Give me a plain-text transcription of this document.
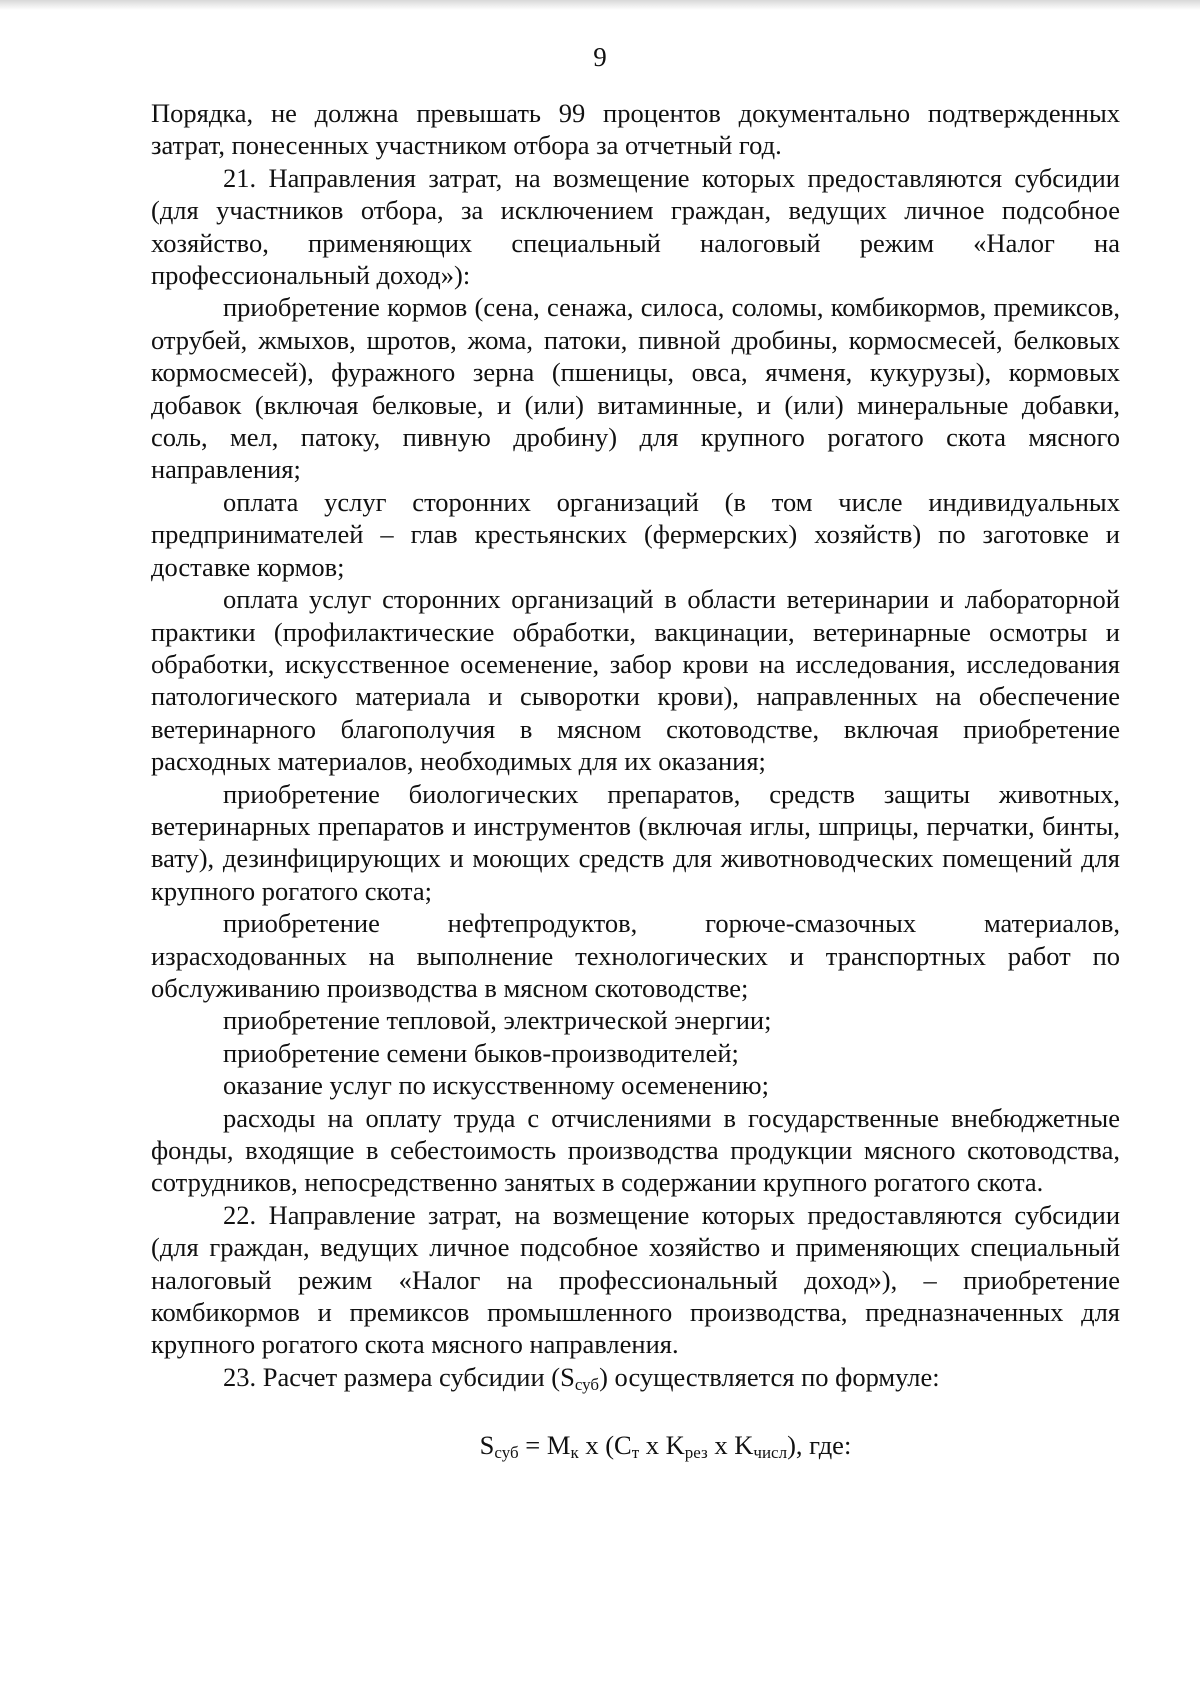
9

Порядка, не должна превышать 99 процентов документально подтвержденных затрат, понесенных участником отбора за отчетный год.

21. Направления затрат, на возмещение которых предоставляются субсидии (для участников отбора, за исключением граждан, ведущих личное подсобное хозяйство, применяющих специальный налоговый режим «Налог на профессиональный доход»):

приобретение кормов (сена, сенажа, силоса, соломы, комбикормов, премиксов, отрубей, жмыхов, шротов, жома, патоки, пивной дробины, кормосмесей, белковых кормосмесей), фуражного зерна (пшеницы, овса, ячменя, кукурузы), кормовых добавок (включая белковые, и (или) витаминные, и (или) минеральные добавки, соль, мел, патоку, пивную дробину) для крупного рогатого скота мясного направления;

оплата услуг сторонних организаций (в том числе индивидуальных предпринимателей – глав крестьянских (фермерских) хозяйств) по заготовке и доставке кормов;

оплата услуг сторонних организаций в области ветеринарии и лабораторной практики (профилактические обработки, вакцинации, ветеринарные осмотры и обработки, искусственное осеменение, забор крови на исследования, исследования патологического материала и сыворотки крови), направленных на обеспечение ветеринарного благополучия в мясном скотоводстве, включая приобретение расходных материалов, необходимых для их оказания;

приобретение биологических препаратов, средств защиты животных, ветеринарных препаратов и инструментов (включая иглы, шприцы, перчатки, бинты, вату), дезинфицирующих и моющих средств для животноводческих помещений для крупного рогатого скота;

приобретение нефтепродуктов, горюче-смазочных материалов, израсходованных на выполнение технологических и транспортных работ по обслуживанию производства в мясном скотоводстве;

приобретение тепловой, электрической энергии;

приобретение семени быков-производителей;

оказание услуг по искусственному осеменению;

расходы на оплату труда с отчислениями в государственные внебюджетные фонды, входящие в себестоимость производства продукции мясного скотоводства, сотрудников, непосредственно занятых в содержании крупного рогатого скота.

22. Направление затрат, на возмещение которых предоставляются субсидии (для граждан, ведущих личное подсобное хозяйство и применяющих специальный налоговый режим «Налог на профессиональный доход»), – приобретение комбикормов и премиксов промышленного производства, предназначенных для крупного рогатого скота мясного направления.

23. Расчет размера субсидии $(S_{суб})$ осуществляется по формуле:

$S_{суб} = M_к$ x ($C_т$ x $K_{рез}$ x $K_{числ}$), где:
